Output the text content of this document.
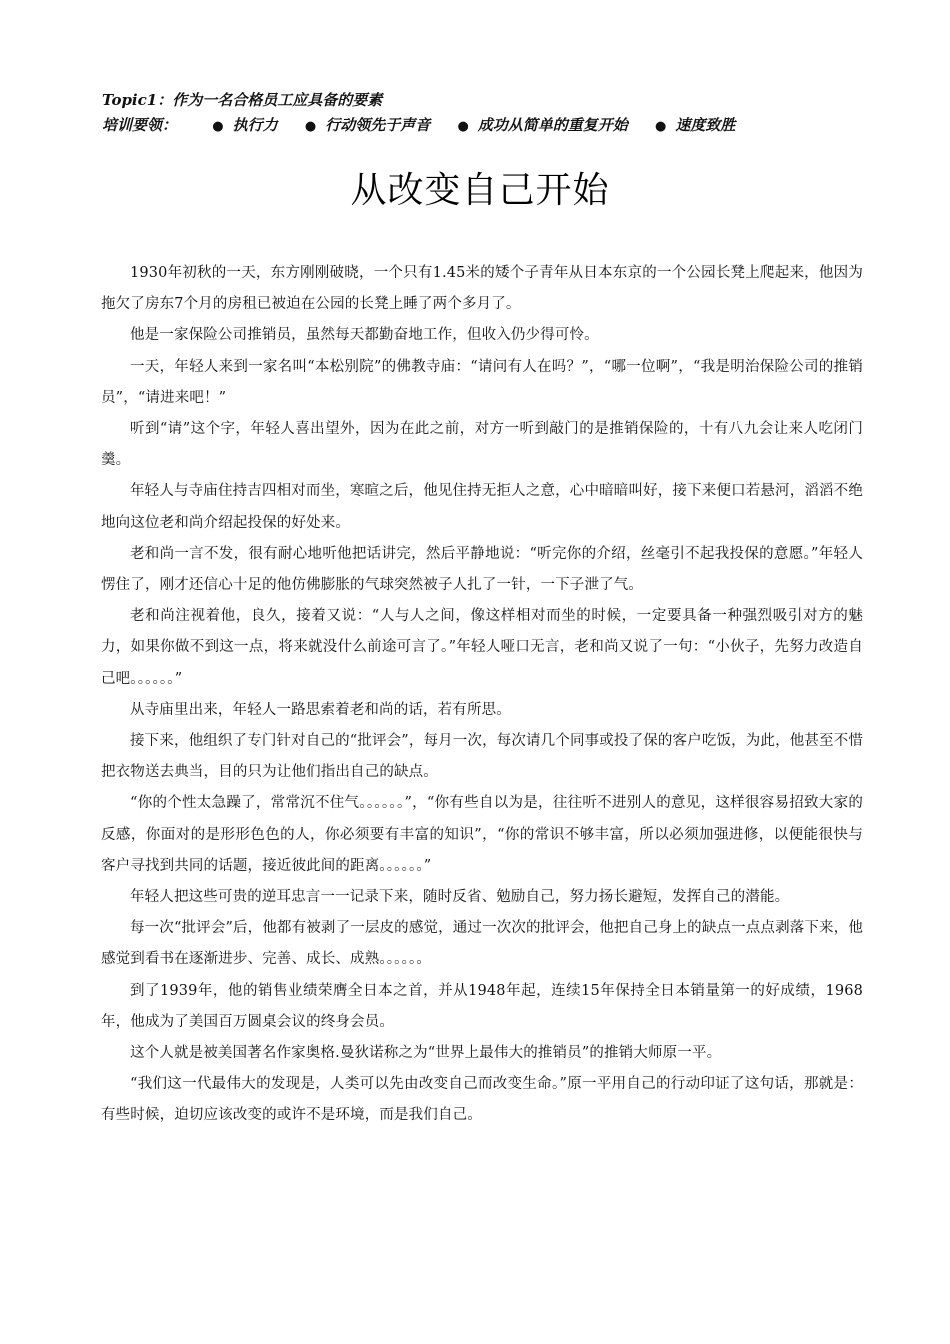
Topic1：作为一名合格员工应具备的要素
培训要领：	● 执行力 ● 行动领先于声音 ● 成功从简单的重复开始 ● 速度致胜
从改变自己开始

1930年初秋的一天，东方刚刚破晓，一个只有1.45米的矮个子青年从日本东京的一个公园长凳上爬起来，他因为拖欠了房东7个月的房租已被迫在公园的长凳上睡了两个多月了。

他是一家保险公司推销员，虽然每天都勤奋地工作，但收入仍少得可怜。

一天，年轻人来到一家名叫“本松别院”的佛教寺庙：“请问有人在吗？”，“哪一位啊”，“我是明治保险公司的推销员”，“请进来吧！”

听到“请”这个字，年轻人喜出望外，因为在此之前，对方一听到敲门的是推销保险的，十有八九会让来人吃闭门羹。

年轻人与寺庙住持吉四相对而坐，寒暄之后，他见住持无拒人之意，心中暗暗叫好，接下来便口若悬河，滔滔不绝地向这位老和尚介绍起投保的好处来。

老和尚一言不发，很有耐心地听他把话讲完，然后平静地说：“听完你的介绍，丝毫引不起我投保的意愿。”年轻人愣住了，刚才还信心十足的他仿佛膨胀的气球突然被子人扎了一针，一下子泄了气。

老和尚注视着他，良久，接着又说：“人与人之间，像这样相对而坐的时候，一定要具备一种强烈吸引对方的魅力，如果你做不到这一点，将来就没什么前途可言了。”年轻人哑口无言，老和尚又说了一句：“小伙子，先努力改造自己吧。。。。。。”

从寺庙里出来，年轻人一路思索着老和尚的话，若有所思。

接下来，他组织了专门针对自己的“批评会”，每月一次，每次请几个同事或投了保的客户吃饭，为此，他甚至不惜把衣物送去典当，目的只为让他们指出自己的缺点。

“你的个性太急躁了，常常沉不住气。。。。。。”，“你有些自以为是，往往听不进别人的意见，这样很容易招致大家的反感，你面对的是形形色色的人，你必须要有丰富的知识”，“你的常识不够丰富，所以必须加强进修，以便能很快与客户寻找到共同的话题，接近彼此间的距离。。。。。。”

年轻人把这些可贵的逆耳忠言一一记录下来，随时反省、勉励自己，努力扬长避短，发挥自己的潜能。

每一次“批评会”后，他都有被剥了一层皮的感觉，通过一次次的批评会，他把自己身上的缺点一点点剥落下来，他感觉到看书在逐渐进步、完善、成长、成熟。。。。。。

到了1939年，他的销售业绩荣膺全日本之首，并从1948年起，连续15年保持全日本销量第一的好成绩，1968年，他成为了美国百万圆桌会议的终身会员。

这个人就是被美国著名作家奥格.曼狄诺称之为“世界上最伟大的推销员”的推销大师原一平。

“我们这一代最伟大的发现是，人类可以先由改变自己而改变生命。”原一平用自己的行动印证了这句话，那就是：有些时候，迫切应该改变的或许不是环境，而是我们自己。
